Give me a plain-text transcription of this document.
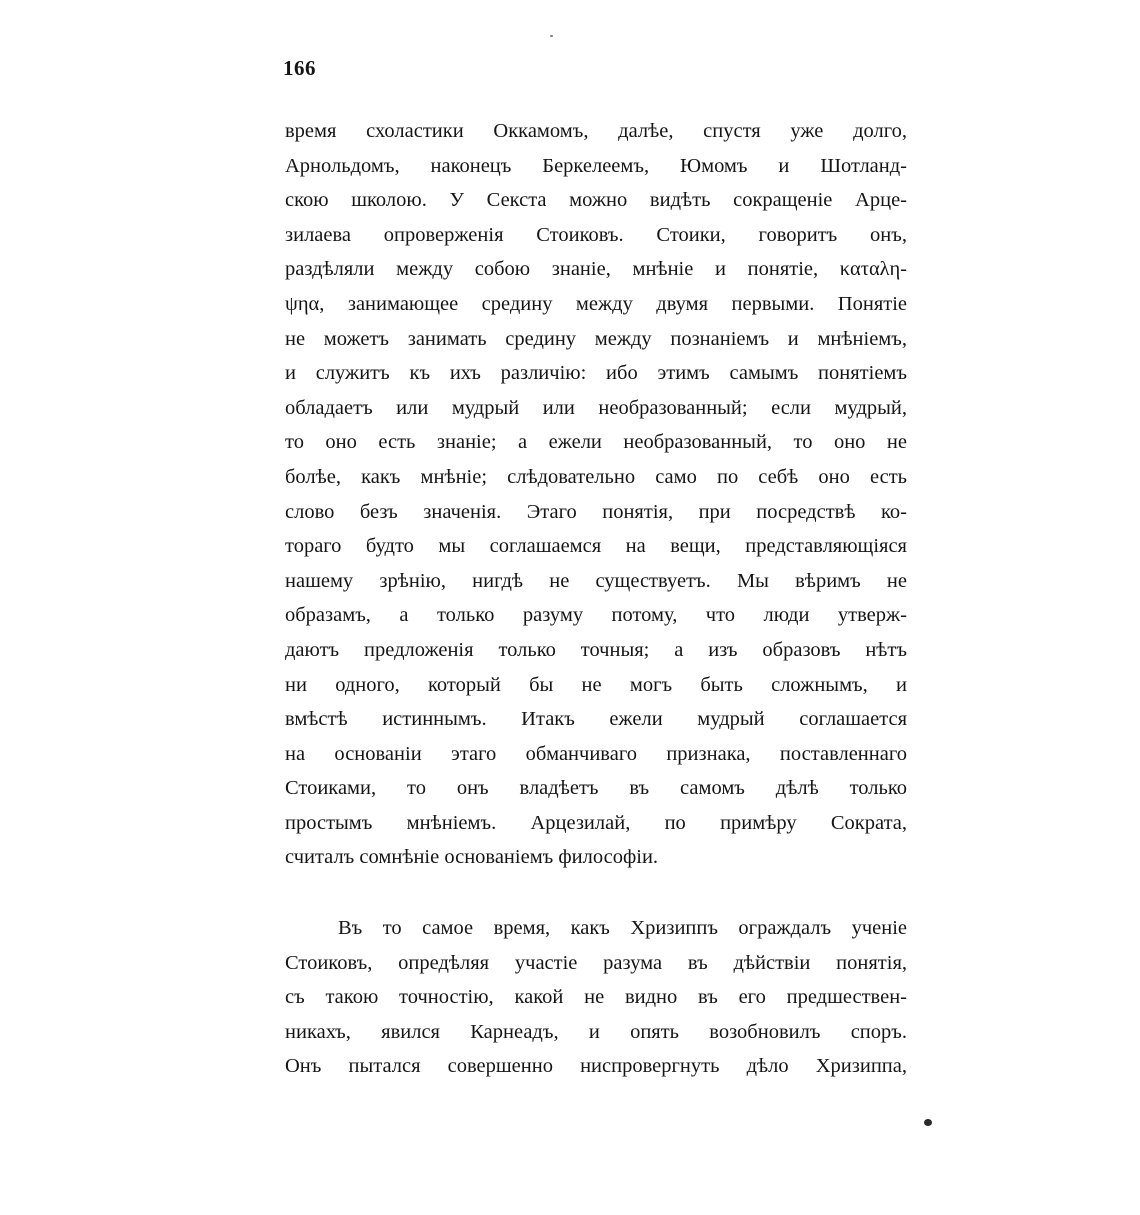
166
время схоластики Оккамомъ, далѣе, спустя уже долго,
Арнольдомъ, наконецъ Беркелеемъ, Юмомъ и Шотланд-
скою школою. У Секста можно видѣть сокращеніе Арце-
зилаева опроверженія Стоиковъ. Стоики, говоритъ онъ,
раздѣляли между собою знаніе, мнѣніе и понятіе, καταλη-
ψηα, занимающее средину между двумя первыми. Понятіе
не можетъ занимать средину между познаніемъ и мнѣніемъ,
и служитъ къ ихъ различію: ибо этимъ самымъ понятіемъ
обладаетъ или мудрый или необразованный; если мудрый,
то оно есть знаніе; а ежели необразованный, то оно не
болѣе, какъ мнѣніе; слѣдовательно само по себѣ оно есть
слово безъ значенія. Этаго понятія, при посредствѣ ко-
тораго будто мы соглашаемся на вещи, представляющіяся
нашему зрѣнію, нигдѣ не существуетъ. Мы вѣримъ не
образамъ, а только разуму потому, что люди утверж-
даютъ предложенія только точныя; а изъ образовъ нѣтъ
ни одного, который бы не могъ быть сложнымъ, и
вмѣстѣ истиннымъ. Итакъ ежели мудрый соглашается
на основаніи этаго обманчиваго признака, поставленнаго
Стоиками, то онъ владѣетъ въ самомъ дѣлѣ только
простымъ мнѣніемъ. Арцезилай, по примѣру Сократа,
считалъ сомнѣніе основаніемъ философіи.
Въ то самое время, какъ Хризиппъ ограждалъ ученіе
Стоиковъ, опредѣляя участіе разума въ дѣйствіи понятія,
съ такою точностію, какой не видно въ его предшествен-
никахъ, явился Карнеадъ, и опять возобновилъ споръ.
Онъ пытался совершенно ниспровергнуть дѣло Хризиппа,
